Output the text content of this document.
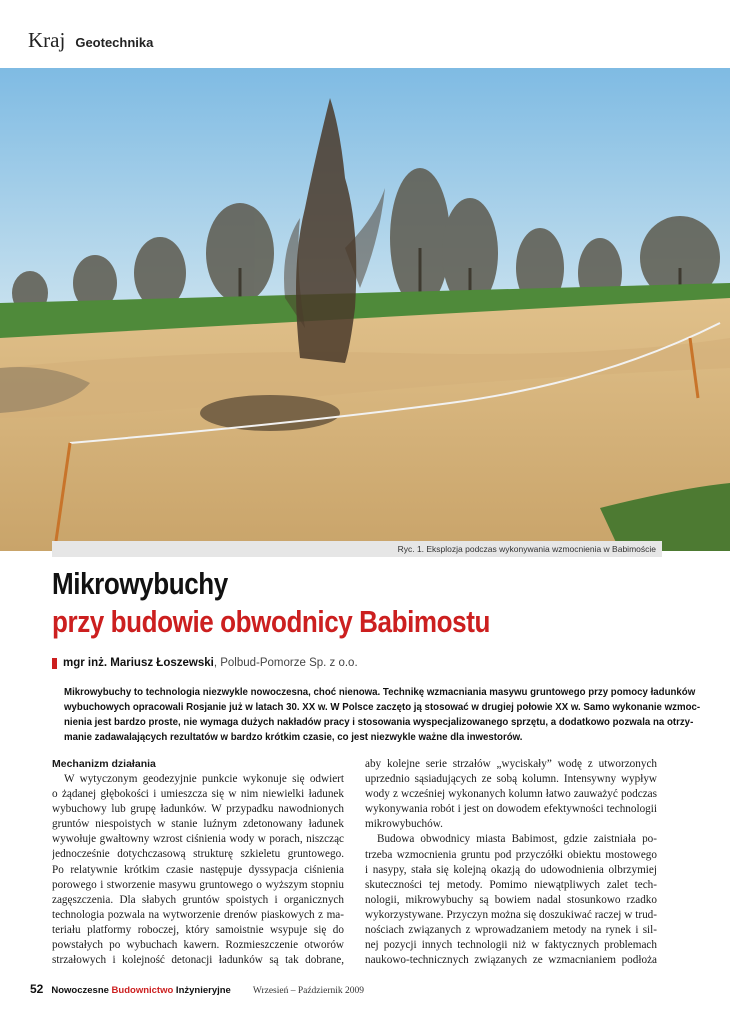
Kraj Geotechnika
Ryc. 1. Eksplozja podczas wykonywania wzmocnienia w Babimoście
Mikrowybuchy
przy budowie obwodnicy Babimostu
mgr inż. Mariusz Łoszewski , Polbud-Pomorze Sp. z o.o.
Mikrowybuchy to technologia niezwykle nowoczesna, choć nienowa. Technikę wzmacniania masywu gruntowego przy pomocy ładunków
wybuchowych opracowali Rosjanie już w latach 30. XX w. W Polsce zaczęto ją stosować w drugiej połowie XX w. Samo wykonanie wzmoc-
nienia jest bardzo proste, nie wymaga dużych nakładów pracy i stosowania wyspecjalizowanego sprzętu, a dodatkowo pozwala na otrzy-
manie zadawalających rezultatów w bardzo krótkim czasie, co jest niezwykle ważne dla inwestorów.
Mechanizm działania
W wytyczonym geodezyjnie punkcie wykonuje się odwiert
o żądanej głębokości i umieszcza się w nim niewielki ładunek
wybuchowy lub grupę ładunków. W przypadku nawodnionych
gruntów niespoistych w stanie luźnym zdetonowany ładunek
wywołuje gwałtowny wzrost ciśnienia wody w porach, niszcząc
jednocześnie dotychczasową strukturę szkieletu gruntowego.
Po relatywnie krótkim czasie następuje dyssypacja ciśnienia
porowego i stworzenie masywu gruntowego o wyższym stopniu
zagęszczenia. Dla słabych gruntów spoistych i organicznych
technologia pozwala na wytworzenie drenów piaskowych z ma-
teriału platformy roboczej, który samoistnie wsypuje się do
powstałych po wybuchach kawern. Rozmieszczenie otworów
strzałowych i kolejność detonacji ładunków są tak dobrane,
aby kolejne serie strzałów „wyciskały” wodę z utworzonych
uprzednio sąsiadujących ze sobą kolumn. Intensywny wypływ
wody z wcześniej wykonanych kolumn łatwo zauważyć podczas
wykonywania robót i jest on dowodem efektywności technologii
mikrowybuchów.
Budowa obwodnicy miasta Babimost, gdzie zaistniała po-
trzeba wzmocnienia gruntu pod przyczółki obiektu mostowego
i nasypy, stała się kolejną okazją do udowodnienia olbrzymiej
skuteczności tej metody. Pomimo niewątpliwych zalet tech-
nologii, mikrowybuchy są bowiem nadal stosunkowo rzadko
wykorzystywane. Przyczyn można się doszukiwać raczej w trud-
nościach związanych z wprowadzaniem metody na rynek i sil-
nej pozycji innych technologii niż w faktycznych problemach
naukowo-technicznych związanych ze wzmacnianiem podłoża
52 Nowoczesne Budownictwo Inżynieryjne Wrzesień – Październik 2009
